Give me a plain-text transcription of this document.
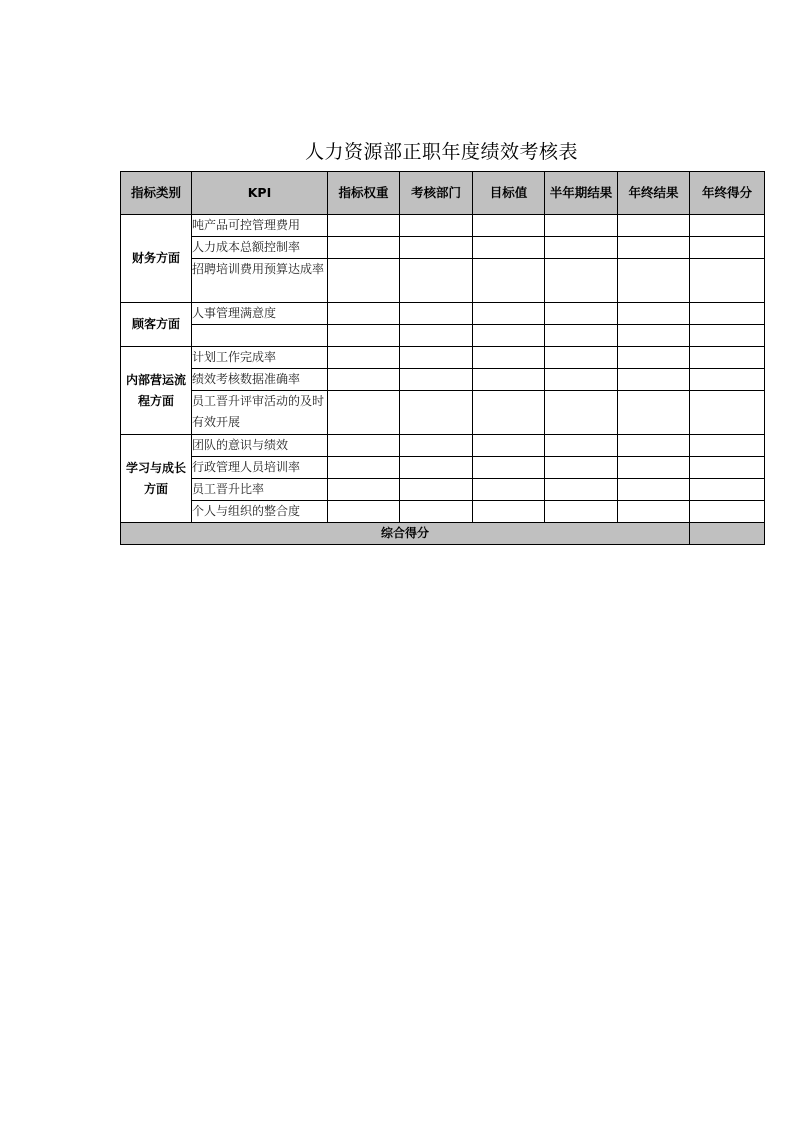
人力资源部正职年度绩效考核表
指标类别	KPI	指标权重	考核部门	目标值	半年期结果	年终结果	年终得分
财务方面	吨产品可控管理费用						
	人力成本总额控制率						
	招聘培训费用预算达成率						
顾客方面	人事管理满意度						

内部营运流程方面	计划工作完成率						
	绩效考核数据准确率						
	员工晋升评审活动的及时有效开展						
学习与成长方面	团队的意识与绩效						
	行政管理人员培训率						
	员工晋升比率						
	个人与组织的整合度						
综合得分							
